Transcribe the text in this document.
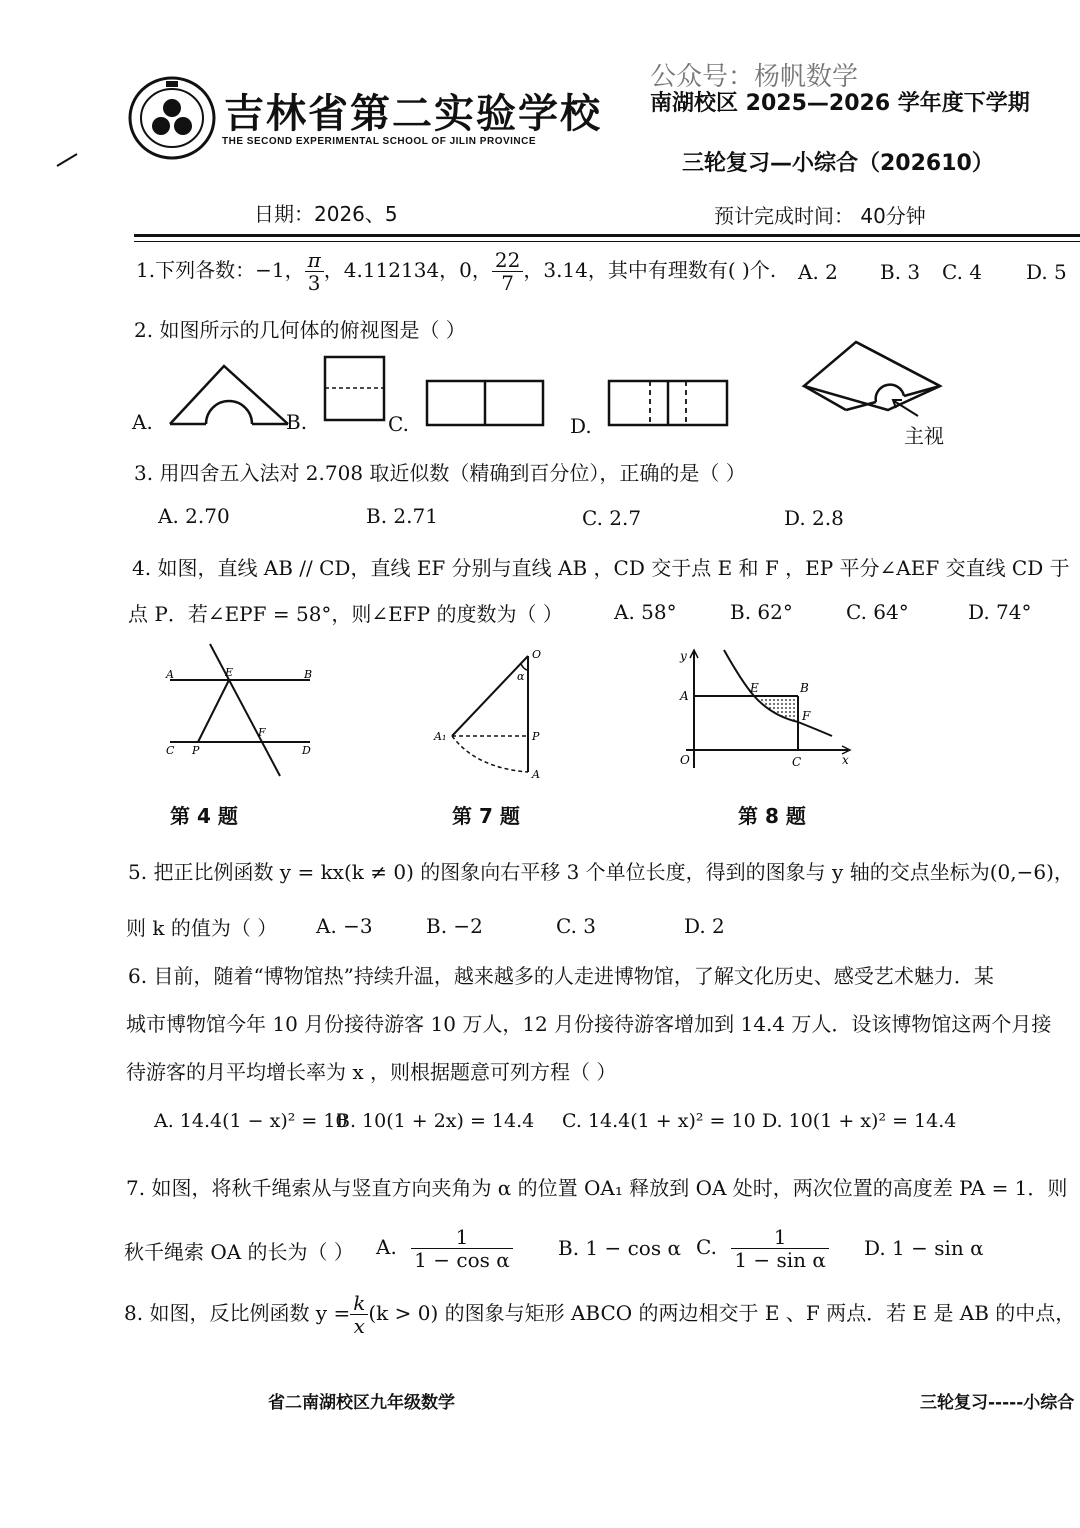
吉林省第二实验学校
THE SECOND EXPERIMENTAL SCHOOL OF JILIN PROVINCE
公众号：杨帆数学
南湖校区 2025—2026 学年度下学期
三轮复习—小综合（202610）
日期：2026、5	预计完成时间： 40分钟
1.下列各数：−1， $\frac{\pi}{3}$ ，4.112134，0， $\frac{22}{7}$ ，3.14，其中有理数有( )个. A. 2 B. 3 C. 4 D. 5
2. 如图所示的几何体的俯视图是（ ）
A.	B.	C.	D.	主视
3. 用四舍五入法对 2.708 取近似数（精确到百分位），正确的是（ ）
A. 2.70	B. 2.71	C. 2.7	D. 2.8
4. 如图，直线 AB // CD，直线 EF 分别与直线 AB ，CD 交于点 E 和 F ，EP 平分∠AEF 交直线 CD 于
点 P．若∠EPF = 58°，则∠EFP 的度数为（ ）	A. 58°	B. 62°	C. 64°	D. 74°
A	B
E
C P
F
D
第 4 题
O
α
A₁	P
A
第 7 题
y
A
E	B
F
O	C	x
第 8 题
5. 把正比例函数 y = kx(k ≠ 0) 的图象向右平移 3 个单位长度，得到的图象与 y 轴的交点坐标为(0,−6)，
则 k 的值为（ ） A. −3	B. −2	C. 3	D. 2
6. 目前，随着“博物馆热”持续升温，越来越多的人走进博物馆，了解文化历史、感受艺术魅力．某
城市博物馆今年 10 月份接待游客 10 万人，12 月份接待游客增加到 14.4 万人．设该博物馆这两个月接
待游客的月平均增长率为 x ，则根据题意可列方程（ ）
A. 14.4(1 − x)² = 10
B. 10(1 + 2x) = 14.4 C. 14.4(1 + x)² = 10 D. 10(1 + x)² = 14.4
7. 如图，将秋千绳索从与竖直方向夹角为 α 的位置 OA₁ 释放到 OA 处时，两次位置的高度差 PA = 1．则
秋千绳索 OA 的长为（ ） A. $\frac{1}{\text{1 − cos α}} B$. 1 − cos α C. $\frac{1}{\text{1 − sin α}} D$. 1 − sin α
8. 如图，反比例函数 $y = \frac{k}{x} (k > 0)$ 的图象与矩形 ABCO 的两边相交于 E 、F 两点．若 E 是 AB 的中点，
省二南湖校区九年级数学	三轮复习-----小综合
